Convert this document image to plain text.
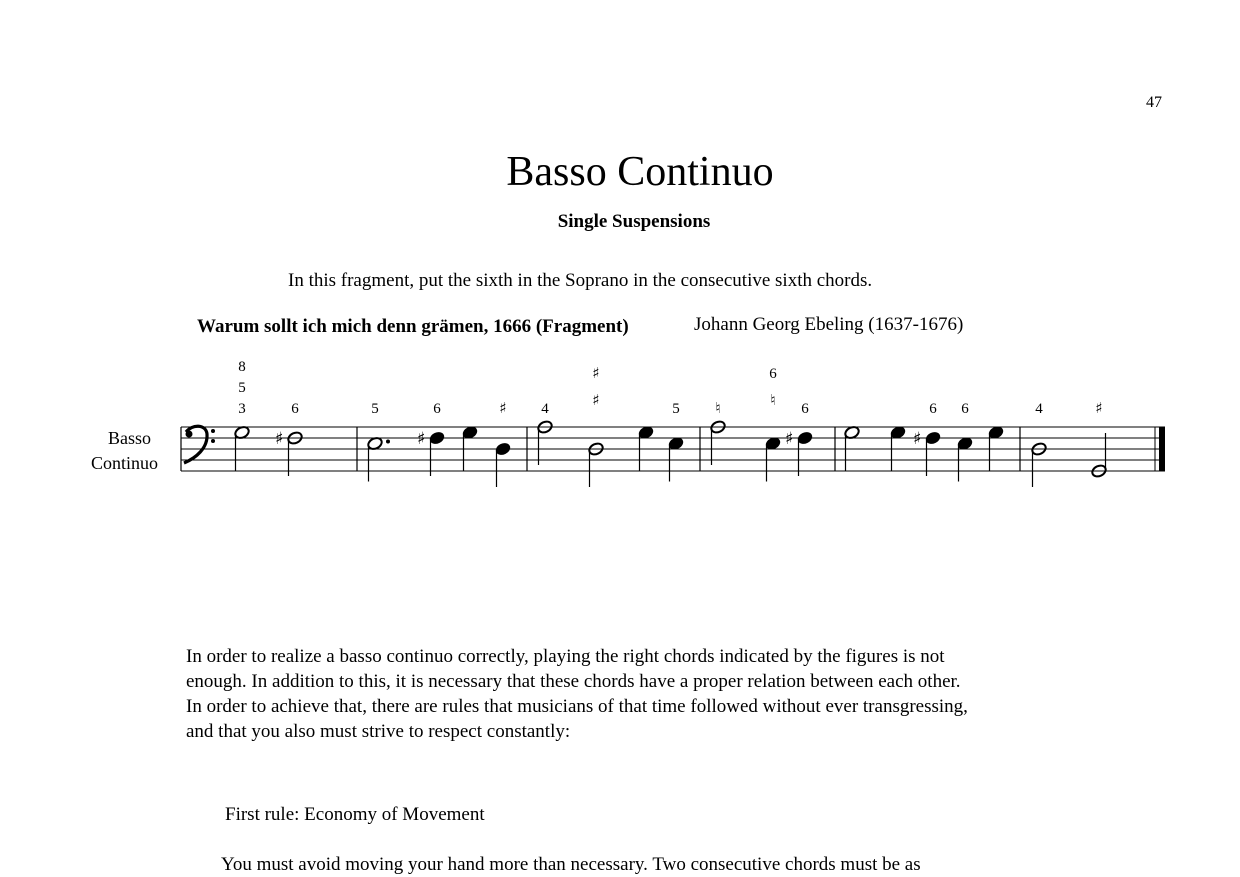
47
Basso Continuo
Single Suspensions
In this fragment, put the sixth in the Soprano in the consecutive sixth chords.
Warum sollt ich mich denn grämen, 1666 (Fragment)	Johann Georg Ebeling (1637-1676)
Basso
Continuo
♯	♯	♯	♯
8
5
3	6	5	6	♯ 4
♯
♯	5 ♮
6
♮ 6	6 6	4	♯
In order to realize a basso continuo correctly, playing the right chords indicated by the figures is not
enough. In addition to this, it is necessary that these chords have a proper relation between each other.
In order to achieve that, there are rules that musicians of that time followed without ever transgressing,
and that you also must strive to respect constantly:
First rule: Economy of Movement
You must avoid moving your hand more than necessary. Two consecutive chords must be as
